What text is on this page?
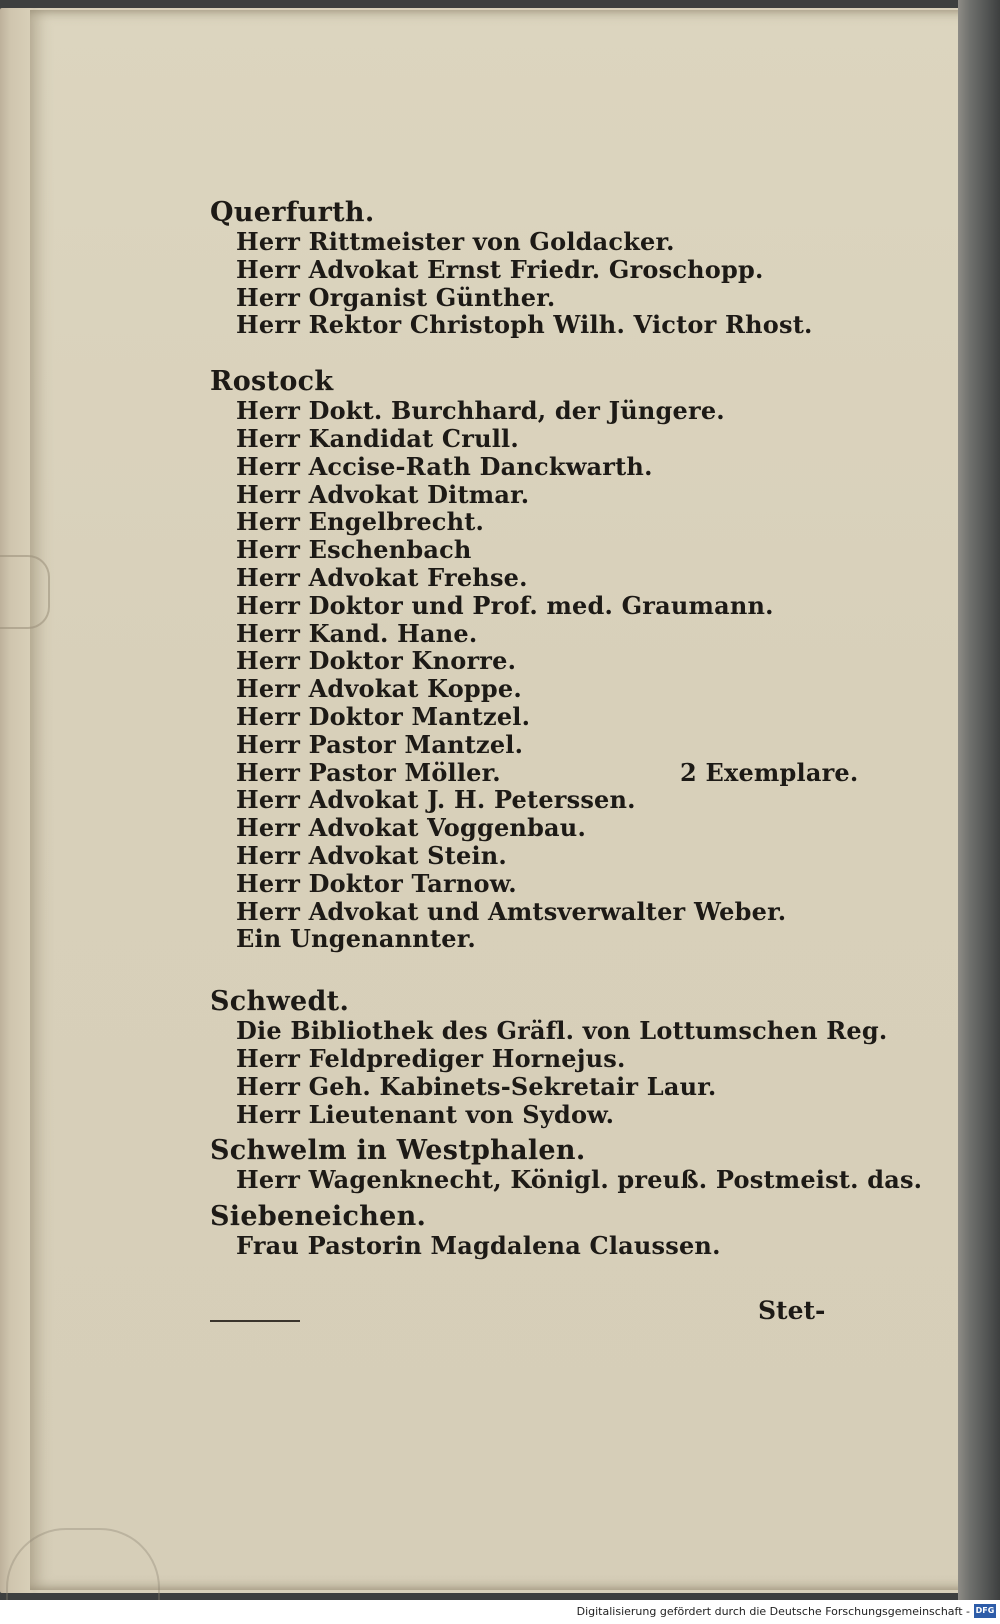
Querfurth.
Herr Rittmeister von Goldacker.
Herr Advokat Ernst Friedr. Groschopp.
Herr Organist Günther.
Herr Rektor Christoph Wilh. Victor Rhost.
Rostock
Herr Dokt. Burchhard, der Jüngere.
Herr Kandidat Crull.
Herr Accise-Rath Danckwarth.
Herr Advokat Ditmar.
Herr Engelbrecht.
Herr Eschenbach
Herr Advokat Frehse.
Herr Doktor und Prof. med. Graumann.
Herr Kand. Hane.
Herr Doktor Knorre.
Herr Advokat Koppe.
Herr Doktor Mantzel.
Herr Pastor Mantzel.
Herr Pastor Möller.	2 Exemplare.
Herr Advokat J. H. Peterssen.
Herr Advokat Voggenbau.
Herr Advokat Stein.
Herr Doktor Tarnow.
Herr Advokat und Amtsverwalter Weber.
Ein Ungenannter.
Schwedt.
Die Bibliothek des Gräfl. von Lottumschen Reg.
Herr Feldprediger Hornejus.
Herr Geh. Kabinets-Sekretair Laur.
Herr Lieutenant von Sydow.
Schwelm in Westphalen.
Herr Wagenknecht, Königl. preuß. Postmeist. das.
Siebeneichen.
Frau Pastorin Magdalena Claussen.
Stet-
Digitalisierung gefördert durch die Deutsche Forschungsgemeinschaft - DFG
